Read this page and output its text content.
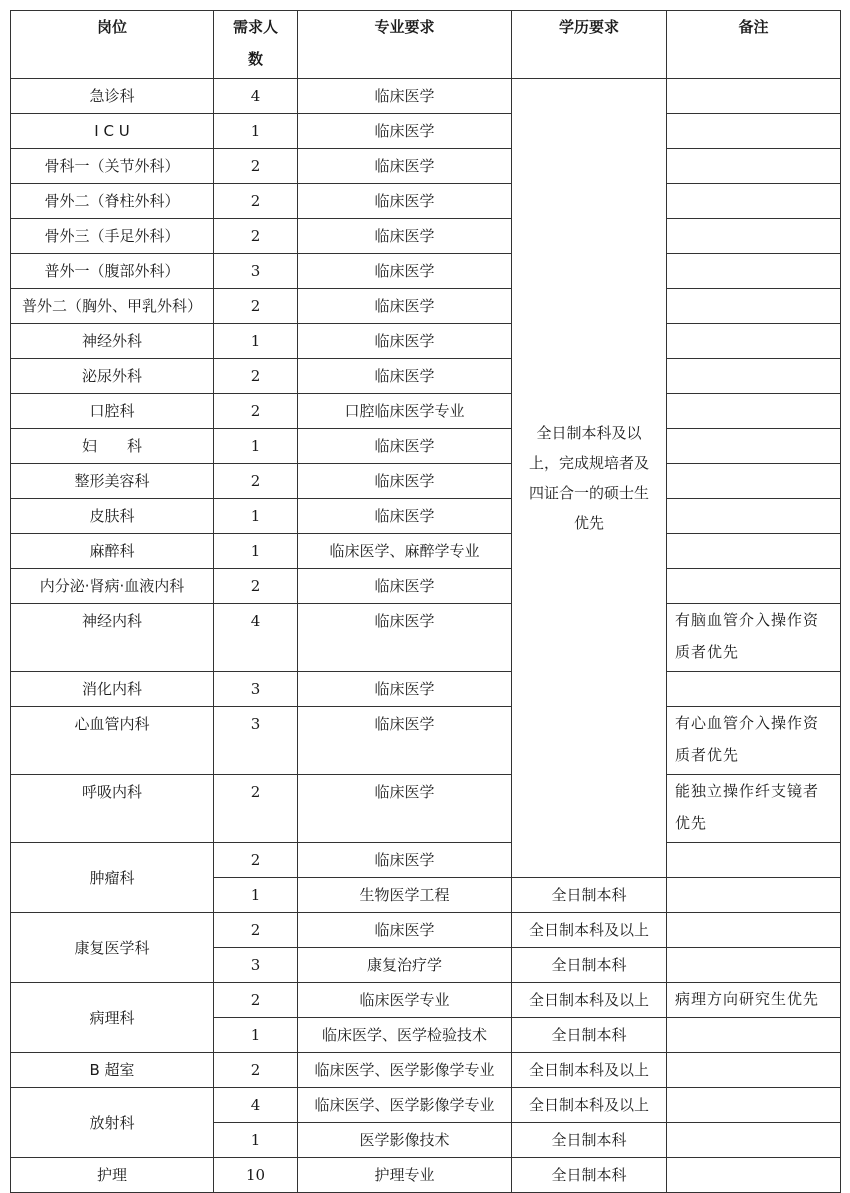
岗位	需求人数	专业要求	学历要求	备注
急诊科	4	临床医学	全日制本科及以上，完成规培者及四证合一的硕士生优先	
I C U	1	临床医学		
骨科一（关节外科）	2	临床医学		
骨外二（脊柱外科）	2	临床医学		
骨外三（手足外科）	2	临床医学		
普外一（腹部外科）	3	临床医学		
普外二（胸外、甲乳外科）	2	临床医学		
神经外科	1	临床医学		
泌尿外科	2	临床医学		
口腔科	2	口腔临床医学专业		
妇　　科	1	临床医学		
整形美容科	2	临床医学		
皮肤科	1	临床医学		
麻醉科	1	临床医学、麻醉学专业		
内分泌·肾病·血液内科	2	临床医学		
神经内科	4	临床医学		有脑血管介入操作资质者优先
消化内科	3	临床医学		
心血管内科	3	临床医学		有心血管介入操作资质者优先
呼吸内科	2	临床医学		能独立操作纤支镜者优先
肿瘤科	2	临床医学		
	1	生物医学工程	全日制本科	
康复医学科	2	临床医学	全日制本科及以上	
	3	康复治疗学	全日制本科	
病理科	2	临床医学专业	全日制本科及以上	病理方向研究生优先
	1	临床医学、医学检验技术	全日制本科	
B 超室	2	临床医学、医学影像学专业	全日制本科及以上	
放射科	4	临床医学、医学影像学专业	全日制本科及以上	
	1	医学影像技术	全日制本科	
护理	10	护理专业	全日制本科	
